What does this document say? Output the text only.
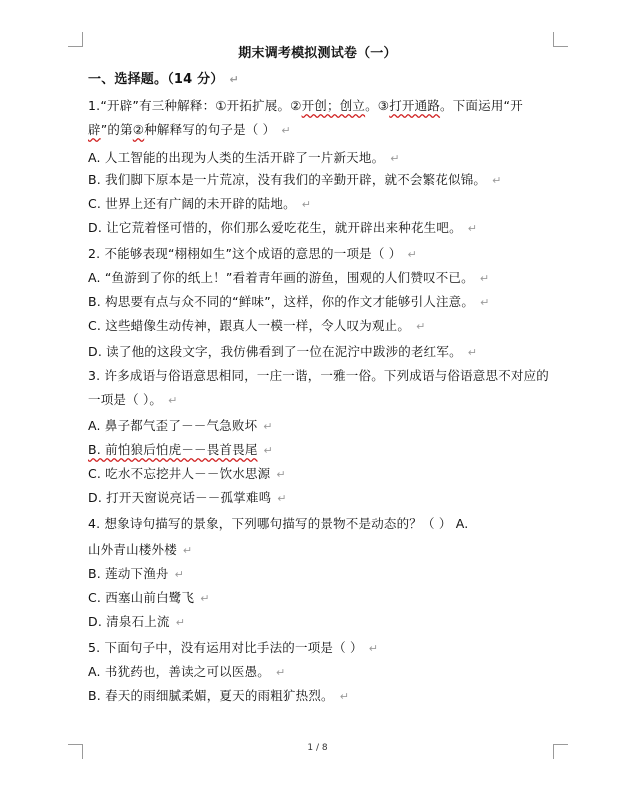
期末调考模拟测试卷（一）
一、选择题。（14 分） ↵
1.“开辟”有三种解释：①开拓扩展。②开创；创立。③打开通路。下面运用“开
辟”的第②种解释写的句子是（ ） ↵
A. 人工智能的出现为人类的生活开辟了一片新天地。 ↵
B. 我们脚下原本是一片荒凉，没有我们的辛勤开辟，就不会繁花似锦。 ↵
C. 世界上还有广阔的未开辟的陆地。 ↵
D. 让它荒着怪可惜的，你们那么爱吃花生，就开辟出来种花生吧。 ↵
2. 不能够表现“栩栩如生”这个成语的意思的一项是（ ） ↵
A. “鱼游到了你的纸上！”看着青年画的游鱼，围观的人们赞叹不已。 ↵
B. 构思要有点与众不同的“鲜味”，这样，你的作文才能够引人注意。 ↵
C. 这些蜡像生动传神，跟真人一模一样，令人叹为观止。 ↵
D. 读了他的这段文字，我仿佛看到了一位在泥泞中跋涉的老红军。 ↵
3. 许多成语与俗语意思相同，一庄一谐，一雅一俗。下列成语与俗语意思不对应的
一项是（ ）。 ↵
A. 鼻子都气歪了－－气急败坏 ↵
B. 前怕狼后怕虎－－畏首畏尾 ↵
C. 吃水不忘挖井人－－饮水思源 ↵
D. 打开天窗说亮话－－孤掌难鸣 ↵
4. 想象诗句描写的景象，下列哪句描写的景物不是动态的？（ ） A.
山外青山楼外楼 ↵
B. 莲动下渔舟 ↵
C. 西塞山前白鹭飞 ↵
D. 清泉石上流 ↵
5. 下面句子中，没有运用对比手法的一项是（ ） ↵
A. 书犹药也，善读之可以医愚。 ↵
B. 春天的雨细腻柔媚，夏天的雨粗犷热烈。 ↵
1 / 8
